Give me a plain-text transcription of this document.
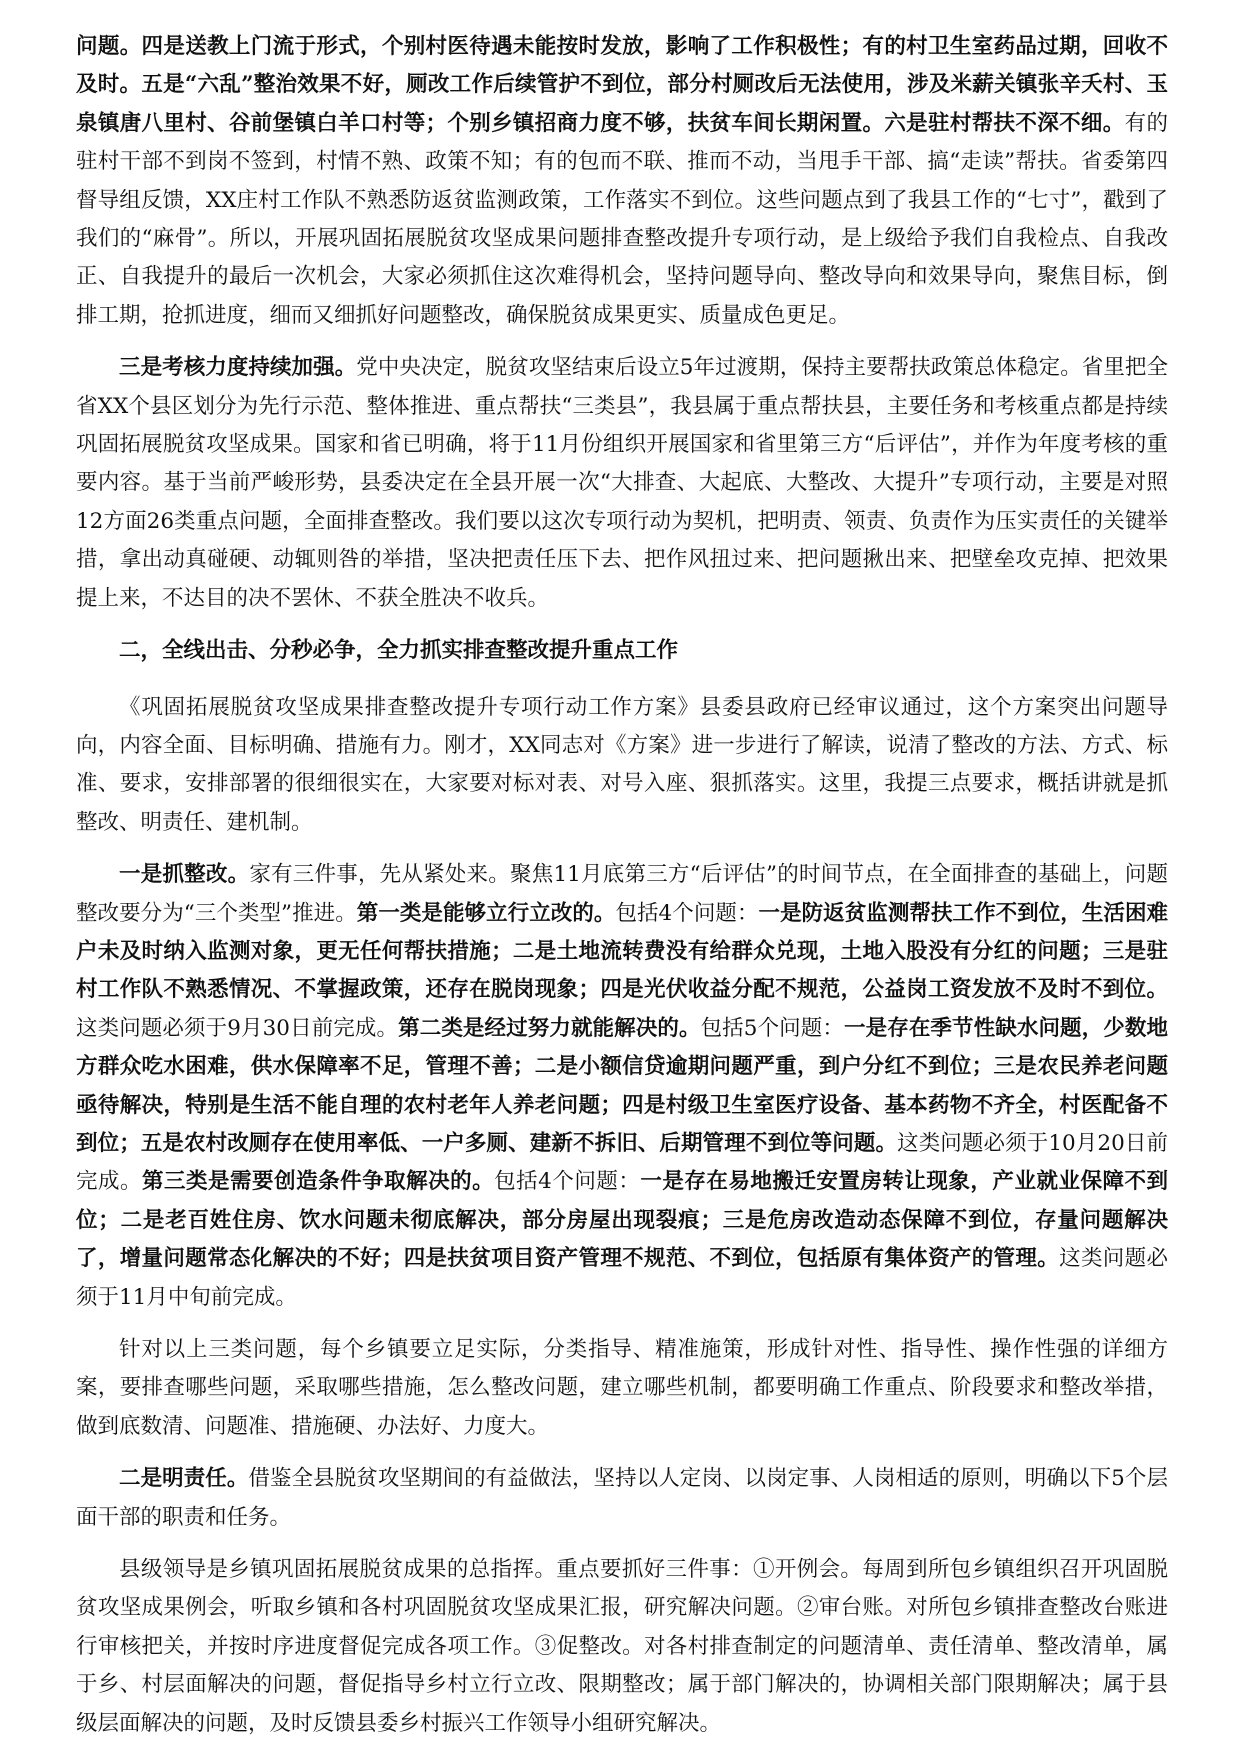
问题。四是送教上门流于形式，个别村医待遇未能按时发放，影响了工作积极性；有的村卫生室药品过期，回收不及时。五是“六乱”整治效果不好，厕改工作后续管护不到位，部分村厕改后无法使用，涉及米薪关镇张辛夭村、玉泉镇唐八里村、谷前堡镇白羊口村等；个别乡镇招商力度不够，扶贫车间长期闲置。六是驻村帮扶不深不细。有的驻村干部不到岗不签到，村情不熟、政策不知；有的包而不联、推而不动，当甩手干部、搞“走读”帮扶。省委第四督导组反馈，XX庄村工作队不熟悉防返贫监测政策，工作落实不到位。这些问题点到了我县工作的“七寸”，戳到了我们的“麻骨”。所以，开展巩固拓展脱贫攻坚成果问题排查整改提升专项行动，是上级给予我们自我检点、自我改正、自我提升的最后一次机会，大家必须抓住这次难得机会，坚持问题导向、整改导向和效果导向，聚焦目标，倒排工期，抢抓进度，细而又细抓好问题整改，确保脱贫成果更实、质量成色更足。

三是考核力度持续加强。党中央决定，脱贫攻坚结束后设立5年过渡期，保持主要帮扶政策总体稳定。省里把全省XX个县区划分为先行示范、整体推进、重点帮扶“三类县”，我县属于重点帮扶县，主要任务和考核重点都是持续巩固拓展脱贫攻坚成果。国家和省已明确，将于11月份组织开展国家和省里第三方“后评估”，并作为年度考核的重要内容。基于当前严峻形势，县委决定在全县开展一次“大排查、大起底、大整改、大提升”专项行动，主要是对照12方面26类重点问题，全面排查整改。我们要以这次专项行动为契机，把明责、领责、负责作为压实责任的关键举措，拿出动真碰硬、动辄则咎的举措，坚决把责任压下去、把作风扭过来、把问题揪出来、把壁垒攻克掉、把效果提上来，不达目的决不罢休、不获全胜决不收兵。

二，全线出击、分秒必争，全力抓实排查整改提升重点工作

《巩固拓展脱贫攻坚成果排查整改提升专项行动工作方案》县委县政府已经审议通过，这个方案突出问题导向，内容全面、目标明确、措施有力。刚才，XX同志对《方案》进一步进行了解读，说清了整改的方法、方式、标准、要求，安排部署的很细很实在，大家要对标对表、对号入座、狠抓落实。这里，我提三点要求，概括讲就是抓整改、明责任、建机制。

一是抓整改。家有三件事，先从紧处来。聚焦11月底第三方“后评估”的时间节点，在全面排查的基础上，问题整改要分为“三个类型”推进。第一类是能够立行立改的。包括4个问题：一是防返贫监测帮扶工作不到位，生活困难户未及时纳入监测对象，更无任何帮扶措施；二是土地流转费没有给群众兑现，土地入股没有分红的问题；三是驻村工作队不熟悉情况、不掌握政策，还存在脱岗现象；四是光伏收益分配不规范，公益岗工资发放不及时不到位。这类问题必须于9月30日前完成。第二类是经过努力就能解决的。包括5个问题：一是存在季节性缺水问题，少数地方群众吃水困难，供水保障率不足，管理不善；二是小额信贷逾期问题严重，到户分红不到位；三是农民养老问题亟待解决，特别是生活不能自理的农村老年人养老问题；四是村级卫生室医疗设备、基本药物不齐全，村医配备不到位；五是农村改厕存在使用率低、一户多厕、建新不拆旧、后期管理不到位等问题。这类问题必须于10月20日前完成。第三类是需要创造条件争取解决的。包括4个问题：一是存在易地搬迁安置房转让现象，产业就业保障不到位；二是老百姓住房、饮水问题未彻底解决，部分房屋出现裂痕；三是危房改造动态保障不到位，存量问题解决了，增量问题常态化解决的不好；四是扶贫项目资产管理不规范、不到位，包括原有集体资产的管理。这类问题必须于11月中旬前完成。

针对以上三类问题，每个乡镇要立足实际，分类指导、精准施策，形成针对性、指导性、操作性强的详细方案，要排查哪些问题，采取哪些措施，怎么整改问题，建立哪些机制，都要明确工作重点、阶段要求和整改举措，做到底数清、问题准、措施硬、办法好、力度大。

二是明责任。借鉴全县脱贫攻坚期间的有益做法，坚持以人定岗、以岗定事、人岗相适的原则，明确以下5个层面干部的职责和任务。

县级领导是乡镇巩固拓展脱贫成果的总指挥。重点要抓好三件事：①开例会。每周到所包乡镇组织召开巩固脱贫攻坚成果例会，听取乡镇和各村巩固脱贫攻坚成果汇报，研究解决问题。②审台账。对所包乡镇排查整改台账进行审核把关，并按时序进度督促完成各项工作。③促整改。对各村排查制定的问题清单、责任清单、整改清单，属于乡、村层面解决的问题，督促指导乡村立行立改、限期整改；属于部门解决的，协调相关部门限期解决；属于县级层面解决的问题，及时反馈县委乡村振兴工作领导小组研究解决。
